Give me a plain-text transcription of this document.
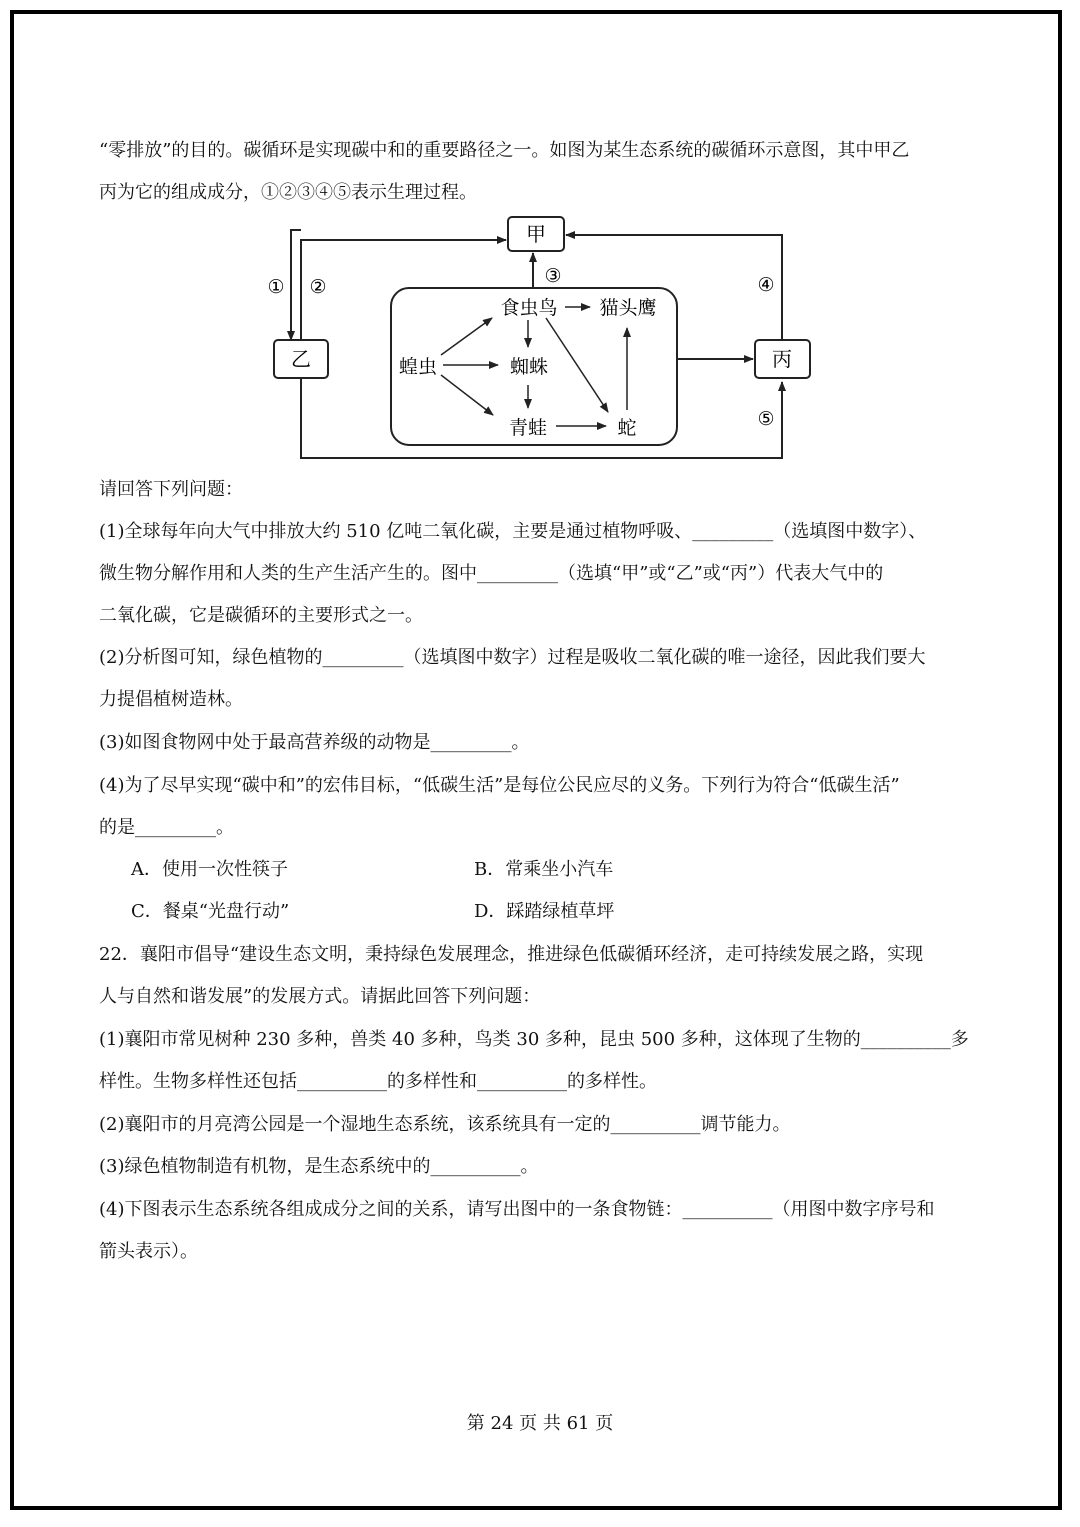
“零排放”的目的。碳循环是实现碳中和的重要路径之一。如图为某生态系统的碳循环示意图，其中甲乙
丙为它的组成成分，①②③④⑤表示生理过程。
甲
乙	丙
① ②	③	④
⑤
蝗虫
食虫鸟 猫头鹰
蜘蛛
青蛙	蛇
请回答下列问题：
(1)全球每年向大气中排放大约 510 亿吨二氧化碳，主要是通过植物呼吸、_________（选填图中数字）、
微生物分解作用和人类的生产生活产生的。图中_________（选填“甲”或“乙”或“丙”）代表大气中的
二氧化碳，它是碳循环的主要形式之一。
(2)分析图可知，绿色植物的_________（选填图中数字）过程是吸收二氧化碳的唯一途径，因此我们要大
力提倡植树造林。
(3)如图食物网中处于最高营养级的动物是_________。
(4)为了尽早实现“碳中和”的宏伟目标，“低碳生活”是每位公民应尽的义务。下列行为符合“低碳生活”
的是_________。
A．使用一次性筷子	B．常乘坐小汽车
C．餐桌“光盘行动”	D．踩踏绿植草坪
22．襄阳市倡导“建设生态文明，秉持绿色发展理念，推进绿色低碳循环经济，走可持续发展之路，实现
人与自然和谐发展”的发展方式。请据此回答下列问题：
(1)襄阳市常见树种 230 多种，兽类 40 多种，鸟类 30 多种，昆虫 500 多种，这体现了生物的__________多
样性。生物多样性还包括__________的多样性和__________的多样性。
(2)襄阳市的月亮湾公园是一个湿地生态系统，该系统具有一定的__________调节能力。
(3)绿色植物制造有机物，是生态系统中的__________。
(4)下图表示生态系统各组成成分之间的关系，请写出图中的一条食物链：__________（用图中数字序号和
箭头表示）。
第 24 页 共 61 页
